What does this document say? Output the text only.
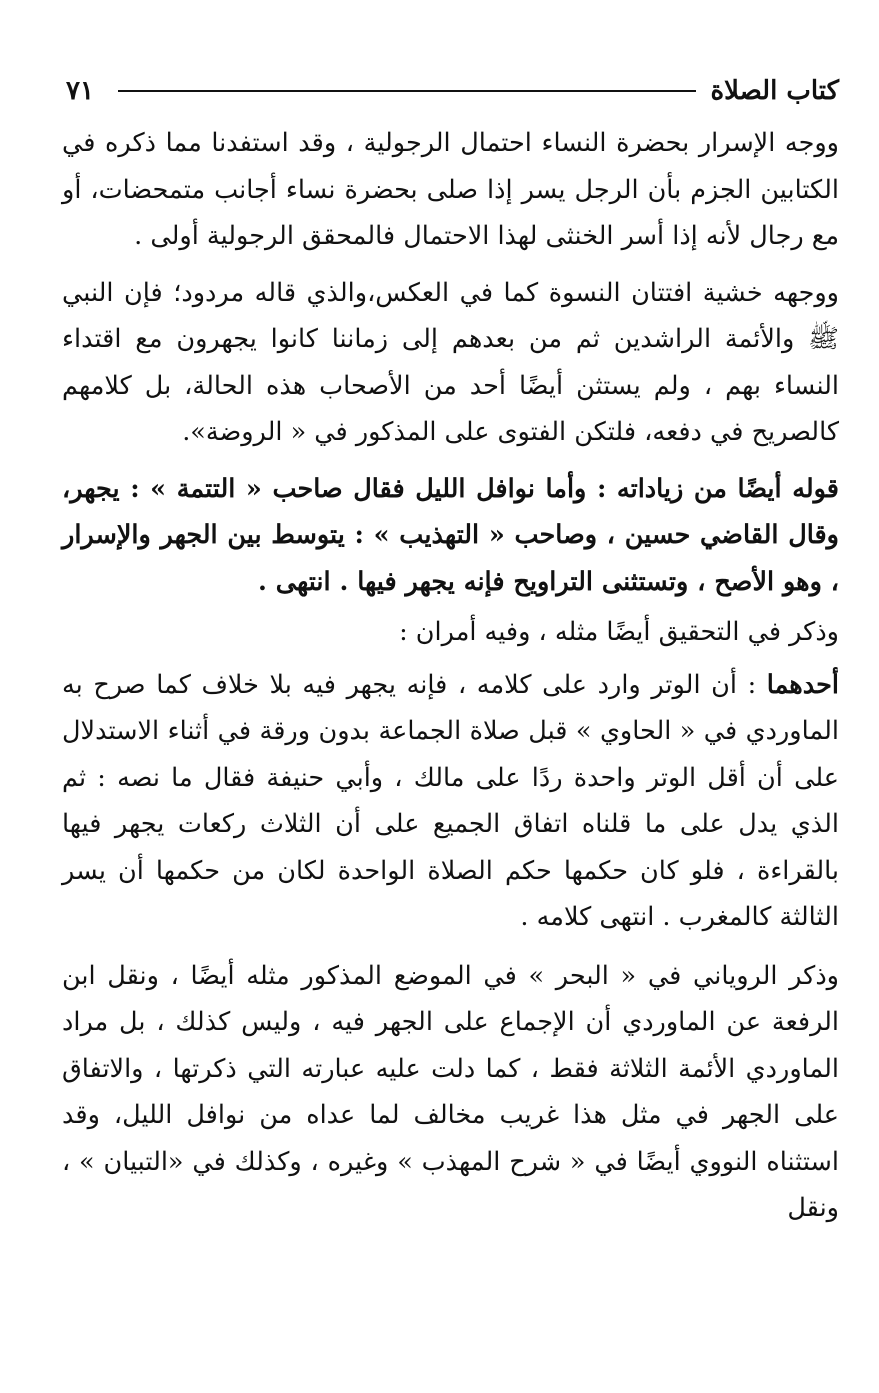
كتاب الصلاة
٧١

ووجه الإسرار بحضرة النساء احتمال الرجولية ، وقد استفدنا مما ذكره في الكتابين الجزم بأن الرجل يسر إذا صلى بحضرة نساء أجانب متمحضات، أو مع رجال لأنه إذا أسر الخنثى لهذا الاحتمال فالمحقق الرجولية أولى .

ووجهه خشية افتتان النسوة كما في العكس،والذي قاله مردود؛ فإن النبي ﷺ والأئمة الراشدين ثم من بعدهم إلى زماننا كانوا يجهرون مع اقتداء النساء بهم ، ولم يستثن أيضًا أحد من الأصحاب هذه الحالة، بل كلامهم كالصريح في دفعه، فلتكن الفتوى على المذكور في « الروضة».

قوله أيضًا من زياداته : وأما نوافل الليل فقال صاحب « التتمة » : يجهر، وقال القاضي حسين ، وصاحب « التهذيب » : يتوسط بين الجهر والإسرار ، وهو الأصح ، وتستثنى التراويح فإنه يجهر فيها . انتهى .

وذكر في التحقيق أيضًا مثله ، وفيه أمران :

أحدهما : أن الوتر وارد على كلامه ، فإنه يجهر فيه بلا خلاف كما صرح به الماوردي في « الحاوي » قبل صلاة الجماعة بدون ورقة في أثناء الاستدلال على أن أقل الوتر واحدة ردًا على مالك ، وأبي حنيفة فقال ما نصه : ثم الذي يدل على ما قلناه اتفاق الجميع على أن الثلاث ركعات يجهر فيها بالقراءة ، فلو كان حكمها حكم الصلاة الواحدة لكان من حكمها أن يسر الثالثة كالمغرب . انتهى كلامه .

وذكر الروياني في « البحر » في الموضع المذكور مثله أيضًا ، ونقل ابن الرفعة عن الماوردي أن الإجماع على الجهر فيه ، وليس كذلك ، بل مراد الماوردي الأئمة الثلاثة فقط ، كما دلت عليه عبارته التي ذكرتها ، والاتفاق على الجهر في مثل هذا غريب مخالف لما عداه من نوافل الليل، وقد استثناه النووي أيضًا في « شرح المهذب » وغيره ، وكذلك في «التبيان » ، ونقل
